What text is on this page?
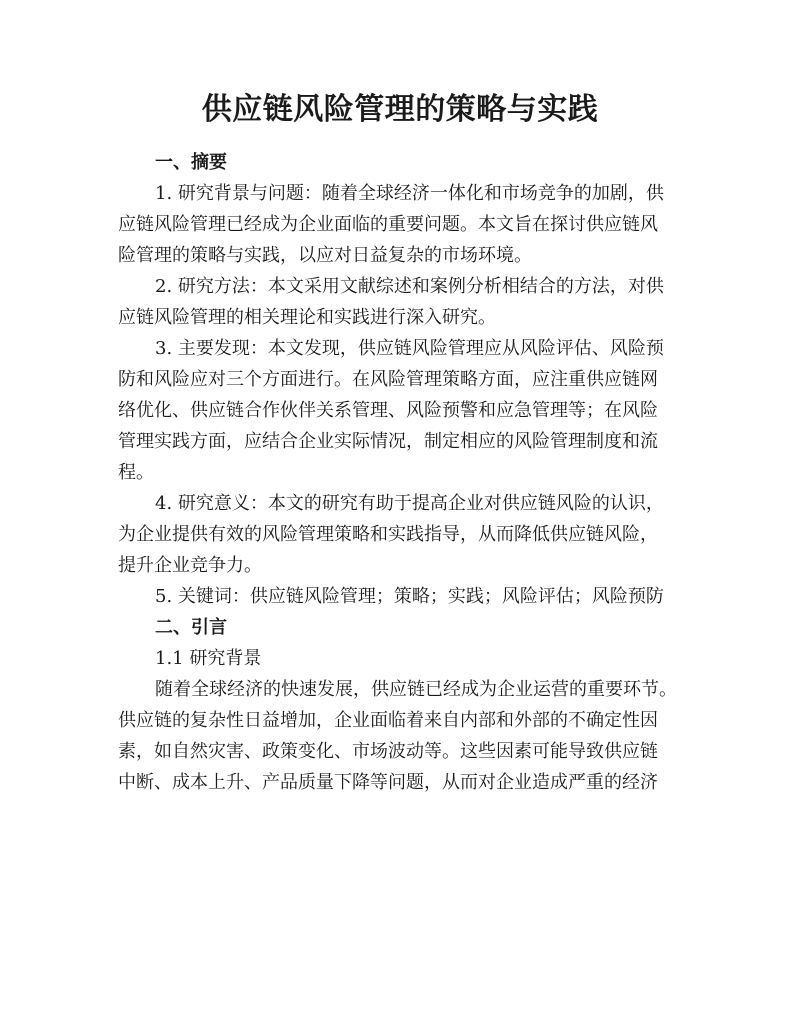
供应链风险管理的策略与实践
一、摘要
1. 研究背景与问题：随着全球经济一体化和市场竞争的加剧，供
应链风险管理已经成为企业面临的重要问题。本文旨在探讨供应链风
险管理的策略与实践，以应对日益复杂的市场环境。
2. 研究方法：本文采用文献综述和案例分析相结合的方法，对供
应链风险管理的相关理论和实践进行深入研究。
3. 主要发现：本文发现，供应链风险管理应从风险评估、风险预
防和风险应对三个方面进行。在风险管理策略方面，应注重供应链网
络优化、供应链合作伙伴关系管理、风险预警和应急管理等；在风险
管理实践方面，应结合企业实际情况，制定相应的风险管理制度和流
程。
4. 研究意义：本文的研究有助于提高企业对供应链风险的认识，
为企业提供有效的风险管理策略和实践指导，从而降低供应链风险，
提升企业竞争力。
5. 关键词：供应链风险管理；策略；实践；风险评估；风险预防
二、引言
1.1 研究背景
随着全球经济的快速发展，供应链已经成为企业运营的重要环节。
供应链的复杂性日益增加，企业面临着来自内部和外部的不确定性因
素，如自然灾害、政策变化、市场波动等。这些因素可能导致供应链
中断、成本上升、产品质量下降等问题，从而对企业造成严重的经济
